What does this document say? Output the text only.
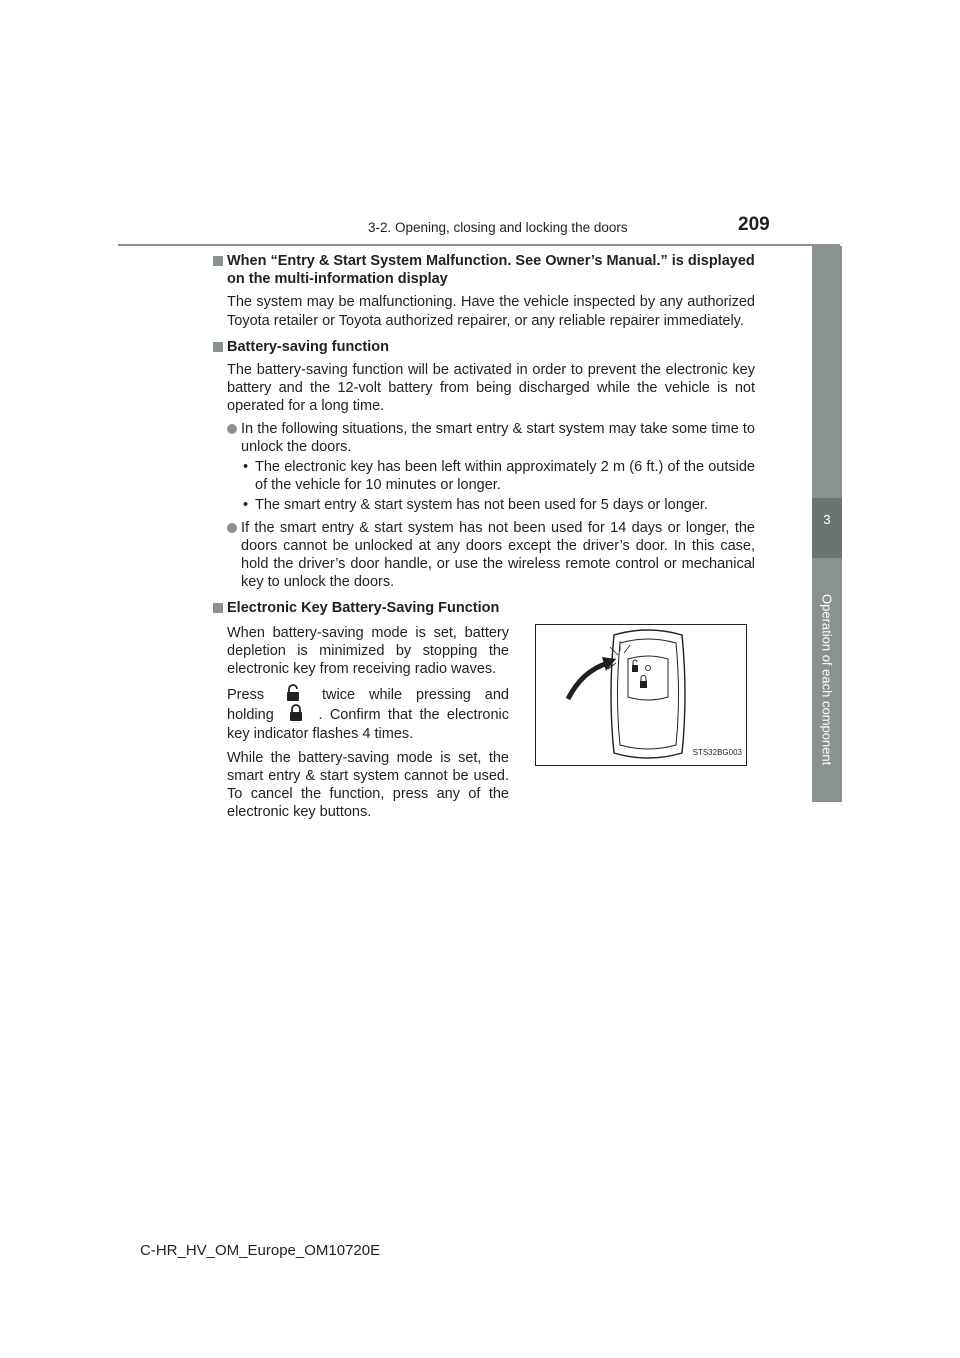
3-2. Opening, closing and locking the doors	209
3
Operation of each component
When “Entry & Start System Malfunction. See Owner’s Manual.” is displayed on the multi-information display
The system may be malfunctioning. Have the vehicle inspected by any authorized Toyota retailer or Toyota authorized repairer, or any reliable repairer immediately.
Battery-saving function
The battery-saving function will be activated in order to prevent the electronic key battery and the 12-volt battery from being discharged while the vehicle is not operated for a long time.
In the following situations, the smart entry & start system may take some time to unlock the doors.
• The electronic key has been left within approximately 2 m (6 ft.) of the outside of the vehicle for 10 minutes or longer.
• The smart entry & start system has not been used for 5 days or longer.
If the smart entry & start system has not been used for 14 days or longer, the doors cannot be unlocked at any doors except the driver’s door. In this case, hold the driver’s door handle, or use the wireless remote control or mechanical key to unlock the doors.
Electronic Key Battery-Saving Function

When battery-saving mode is set, battery depletion is minimized by stopping the electronic key from receiving radio waves.

Press	twice while pressing and holding	. Confirm that the electronic key indicator flashes 4 times.

While the battery-saving mode is set, the smart entry & start system cannot be used. To cancel the function, press any of the electronic key buttons.

STS32BG003
C-HR_HV_OM_Europe_OM10720E
